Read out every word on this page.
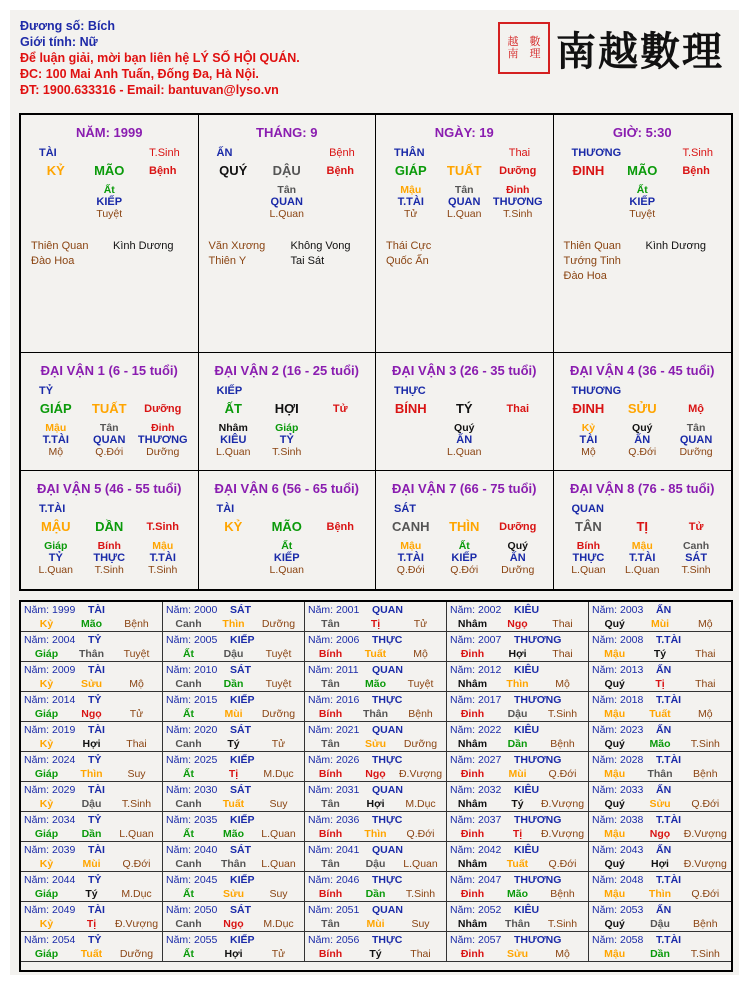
Đương số: Bích
Giới tính: Nữ
Để luận giải, mời bạn liên hệ LÝ SỐ HỘI QUÁN.
ĐC: 100 Mai Anh Tuấn, Đống Đa, Hà Nội.
ĐT: 1900.633316 - Email: bantuvan@lyso.vn
越	數
南	理 南越數理
NĂM: 1999
TÀI	T.Sinh
KỶ	MÃO	Bệnh
Ất
KIẾP
Tuyệt
Thiên Quan
Đào Hoa
Kình Dương
THÁNG: 9
ẤN	Bệnh
QUÝ	DẬU	Bệnh
Tân
QUAN
L.Quan
Văn Xương
Thiên Y
Không Vong
Tai Sát
NGÀY: 19
THÂN	Thai
GIÁP	TUẤT	Dưỡng
Mậu	Tân	Đinh
T.TÀI	QUAN	THƯƠNG
Tử	L.Quan	T.Sinh
Thái Cực
Quốc Ấn
GIỜ: 5:30
THƯƠNG	T.Sinh
ĐINH	MÃO	Bệnh
Ất
KIẾP
Tuyệt
Thiên Quan
Tướng Tinh
Đào Hoa
Kình Dương
ĐẠI VẬN 1 (6 - 15 tuổi)
TỶ
GIÁP	TUẤT	Dưỡng
Mậu	Tân	Đinh
T.TÀI	QUAN	THƯƠNG
Mộ	Q.Đới	Dưỡng
ĐẠI VẬN 2 (16 - 25 tuổi)
KIẾP
ẤT	HỢI	Tử
Nhâm	Giáp
KIÊU	TỶ
L.Quan	T.Sinh
ĐẠI VẬN 3 (26 - 35 tuổi)
THỰC
BÍNH	TÝ	Thai
Quý
ẤN
L.Quan
ĐẠI VẬN 4 (36 - 45 tuổi)
THƯƠNG
ĐINH	SỬU	Mộ
Kỷ	Quý	Tân
TÀI	ẤN	QUAN
Mộ	Q.Đới	Dưỡng
ĐẠI VẬN 5 (46 - 55 tuổi)
T.TÀI
MẬU	DẦN	T.Sinh
Giáp	Bính	Mậu
TỶ	THỰC	T.TÀI
L.Quan	T.Sinh	T.Sinh
ĐẠI VẬN 6 (56 - 65 tuổi)
TÀI
KỶ	MÃO	Bệnh
Ất
KIẾP
L.Quan
ĐẠI VẬN 7 (66 - 75 tuổi)
SÁT
CANH	THÌN	Dưỡng
Mậu	Ất	Quý
T.TÀI	KIẾP	ẤN
Q.Đới	Q.Đới	Dưỡng
ĐẠI VẬN 8 (76 - 85 tuổi)
QUAN
TÂN	TỊ	Tử
Bính	Mậu	Canh
THỰC	T.TÀI	SÁT
L.Quan	L.Quan	T.Sinh
Năm: 1999	TÀI
Kỷ	Mão	Bệnh
Năm: 2000	SÁT
Canh	Thìn	Dưỡng
Năm: 2001	QUAN
Tân	Tị	Tử
Năm: 2002	KIÊU
Nhâm	Ngọ	Thai
Năm: 2003	ẤN
Quý	Mùi	Mộ
Năm: 2004	TỶ
Giáp	Thân	Tuyệt
Năm: 2005	KIẾP
Ất	Dậu	Tuyệt
Năm: 2006	THỰC
Bính	Tuất	Mộ
Năm: 2007	THƯƠNG
Đinh	Hợi	Thai
Năm: 2008	T.TÀI
Mậu	Tý	Thai
Năm: 2009	TÀI
Kỷ	Sửu	Mộ
Năm: 2010	SÁT
Canh	Dần	Tuyệt
Năm: 2011	QUAN
Tân	Mão	Tuyệt
Năm: 2012	KIÊU
Nhâm	Thìn	Mộ
Năm: 2013	ẤN
Quý	Tị	Thai
Năm: 2014	TỶ
Giáp	Ngọ	Tử
Năm: 2015	KIẾP
Ất	Mùi	Dưỡng
Năm: 2016	THỰC
Bính	Thân	Bệnh
Năm: 2017	THƯƠNG
Đinh	Dậu	T.Sinh
Năm: 2018	T.TÀI
Mậu	Tuất	Mộ
Năm: 2019	TÀI
Kỷ	Hợi	Thai
Năm: 2020	SÁT
Canh	Tý	Tử
Năm: 2021	QUAN
Tân	Sửu	Dưỡng
Năm: 2022	KIÊU
Nhâm	Dần	Bệnh
Năm: 2023	ẤN
Quý	Mão	T.Sinh
Năm: 2024	TỶ
Giáp	Thìn	Suy
Năm: 2025	KIẾP
Ất	Tị	M.Dục
Năm: 2026	THỰC
Bính	Ngọ	Đ.Vượng
Năm: 2027	THƯƠNG
Đinh	Mùi	Q.Đới
Năm: 2028	T.TÀI
Mậu	Thân	Bệnh
Năm: 2029	TÀI
Kỷ	Dậu	T.Sinh
Năm: 2030	SÁT
Canh	Tuất	Suy
Năm: 2031	QUAN
Tân	Hợi	M.Dục
Năm: 2032	KIÊU
Nhâm	Tý	Đ.Vượng
Năm: 2033	ẤN
Quý	Sửu	Q.Đới
Năm: 2034	TỶ
Giáp	Dần	L.Quan
Năm: 2035	KIẾP
Ất	Mão	L.Quan
Năm: 2036	THỰC
Bính	Thìn	Q.Đới
Năm: 2037	THƯƠNG
Đinh	Tị	Đ.Vượng
Năm: 2038	T.TÀI
Mậu	Ngọ	Đ.Vượng
Năm: 2039	TÀI
Kỷ	Mùi	Q.Đới
Năm: 2040	SÁT
Canh	Thân	L.Quan
Năm: 2041	QUAN
Tân	Dậu	L.Quan
Năm: 2042	KIÊU
Nhâm	Tuất	Q.Đới
Năm: 2043	ẤN
Quý	Hợi	Đ.Vượng
Năm: 2044	TỶ
Giáp	Tý	M.Dục
Năm: 2045	KIẾP
Ất	Sửu	Suy
Năm: 2046	THỰC
Bính	Dần	T.Sinh
Năm: 2047	THƯƠNG
Đinh	Mão	Bệnh
Năm: 2048	T.TÀI
Mậu	Thìn	Q.Đới
Năm: 2049	TÀI
Kỷ	Tị	Đ.Vượng
Năm: 2050	SÁT
Canh	Ngọ	M.Dục
Năm: 2051	QUAN
Tân	Mùi	Suy
Năm: 2052	KIÊU
Nhâm	Thân	T.Sinh
Năm: 2053	ẤN
Quý	Dậu	Bệnh
Năm: 2054	TỶ
Giáp	Tuất	Dưỡng
Năm: 2055	KIẾP
Ất	Hợi	Tử
Năm: 2056	THỰC
Bính	Tý	Thai
Năm: 2057	THƯƠNG
Đinh	Sửu	Mộ
Năm: 2058	T.TÀI
Mậu	Dần	T.Sinh
